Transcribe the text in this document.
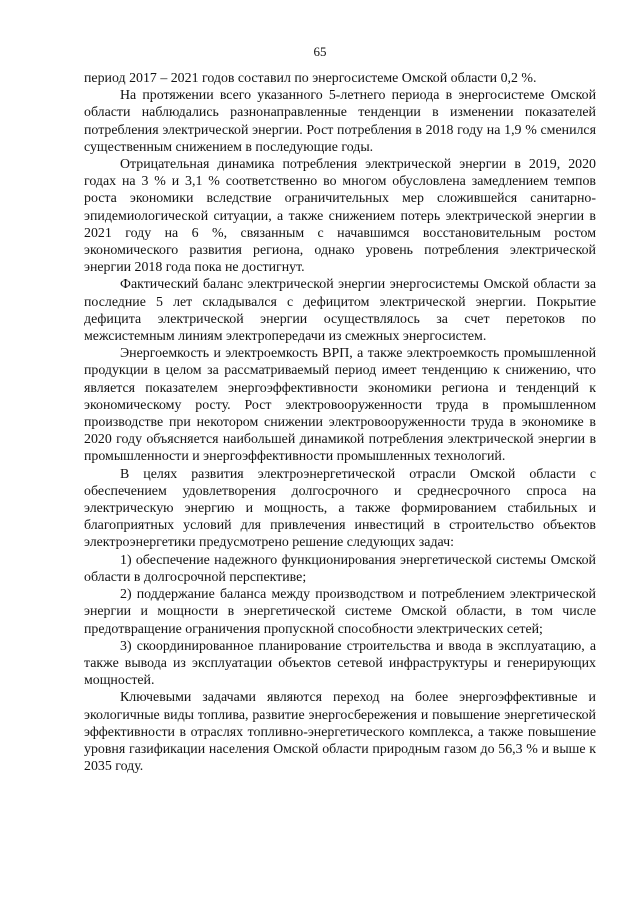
65

период 2017 – 2021 годов составил по энергосистеме Омской области 0,2 %.

На протяжении всего указанного 5-летнего периода в энергосистеме Омской области наблюдались разнонаправленные тенденции в изменении показателей потребления электрической энергии. Рост потребления в 2018 году на 1,9 % сменился существенным снижением в последующие годы.

Отрицательная динамика потребления электрической энергии в 2019, 2020 годах на 3 % и 3,1 % соответственно во многом обусловлена замедлением темпов роста экономики вследствие ограничительных мер сложившейся санитарно-эпидемиологической ситуации, а также снижением потерь электрической энергии в 2021 году на 6 %, связанным с начавшимся восстановительным ростом экономического развития региона, однако уровень потребления электрической энергии 2018 года пока не достигнут.

Фактический баланс электрической энергии энергосистемы Омской области за последние 5 лет складывался с дефицитом электрической энергии. Покрытие дефицита электрической энергии осуществлялось за счет перетоков по межсистемным линиям электропередачи из смежных энергосистем.

Энергоемкость и электроемкость ВРП, а также электроемкость промышленной продукции в целом за рассматриваемый период имеет тенденцию к снижению, что является показателем энергоэффективности экономики региона и тенденций к экономическому росту. Рост электровооруженности труда в промышленном производстве при некотором снижении электровооруженности труда в экономике в 2020 году объясняется наибольшей динамикой потребления электрической энергии в промышленности и энергоэффективности промышленных технологий.

В целях развития электроэнергетической отрасли Омской области с обеспечением удовлетворения долгосрочного и среднесрочного спроса на электрическую энергию и мощность, а также формированием стабильных и благоприятных условий для привлечения инвестиций в строительство объектов электроэнергетики предусмотрено решение следующих задач:

1) обеспечение надежного функционирования энергетической системы Омской области в долгосрочной перспективе;

2) поддержание баланса между производством и потреблением электрической энергии и мощности в энергетической системе Омской области, в том числе предотвращение ограничения пропускной способности электрических сетей;

3) скоординированное планирование строительства и ввода в эксплуатацию, а также вывода из эксплуатации объектов сетевой инфраструктуры и генерирующих мощностей.

Ключевыми задачами являются переход на более энергоэффективные и экологичные виды топлива, развитие энергосбережения и повышение энергетической эффективности в отраслях топливно-энергетического комплекса, а также повышение уровня газификации населения Омской области природным газом до 56,3 % и выше к 2035 году.
